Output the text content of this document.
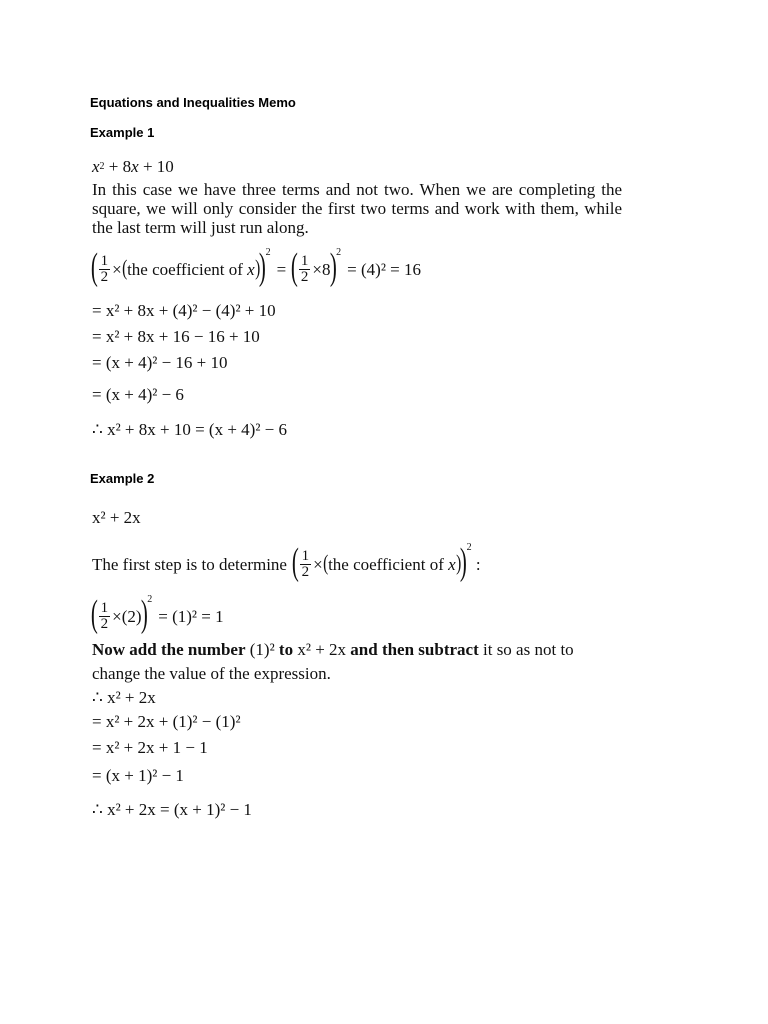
Equations and Inequalities Memo
Example 1
x 2 + 8 x + 10
In this case we have three terms and not two. When we are completing the square, we will only consider the first two terms and work with them, while the last term will just run along.
( $\frac{1}{2}$ × ( the coefficient of
x )
) 2
= ( $\frac{1}{2} \times 8$
) 2
= (4)² = 16
= x² + 8x + (4)² − (4)² + 10
= x² + 8x + 16 − 16 + 10
= (x + 4)² − 16 + 10
= (x + 4)² − 6
∴ x² + 8x + 10 = (x + 4)² − 6
Example 2
x² + 2x
The first step is to determine ( $\frac{1}{2}$ × ( the coefficient of
x )
) 2
:
( $\frac{1}{2} \times(2)$
) 2
= (1)² = 1
Now add the number
(1)²
to
x² + 2x
and then subtract
it so as not to
change the value of the expression.
∴ x² + 2x
= x² + 2x + (1)² − (1)²
= x² + 2x + 1 − 1
= (x + 1)² − 1
∴ x² + 2x = (x + 1)² − 1
